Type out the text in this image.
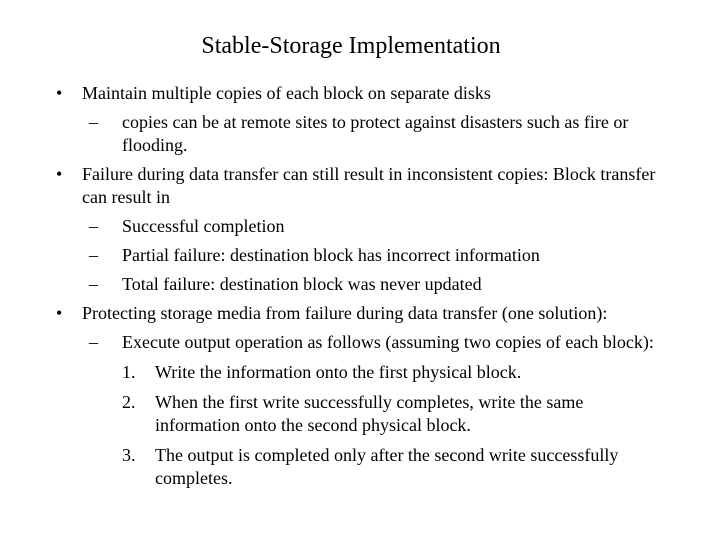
Stable-Storage Implementation
• Maintain multiple copies of each block on separate disks
– copies can be at remote sites to protect against disasters such as fire or flooding.
• Failure during data transfer can still result in inconsistent copies: Block transfer can result in
– Successful completion
– Partial failure: destination block has incorrect information
– Total failure: destination block was never updated
• Protecting storage media from failure during data transfer (one solution):
– Execute output operation as follows (assuming two copies of each block):
1. Write the information onto the first physical block.
2. When the first write successfully completes, write the same information onto the second physical block.
3. The output is completed only after the second write successfully completes.
